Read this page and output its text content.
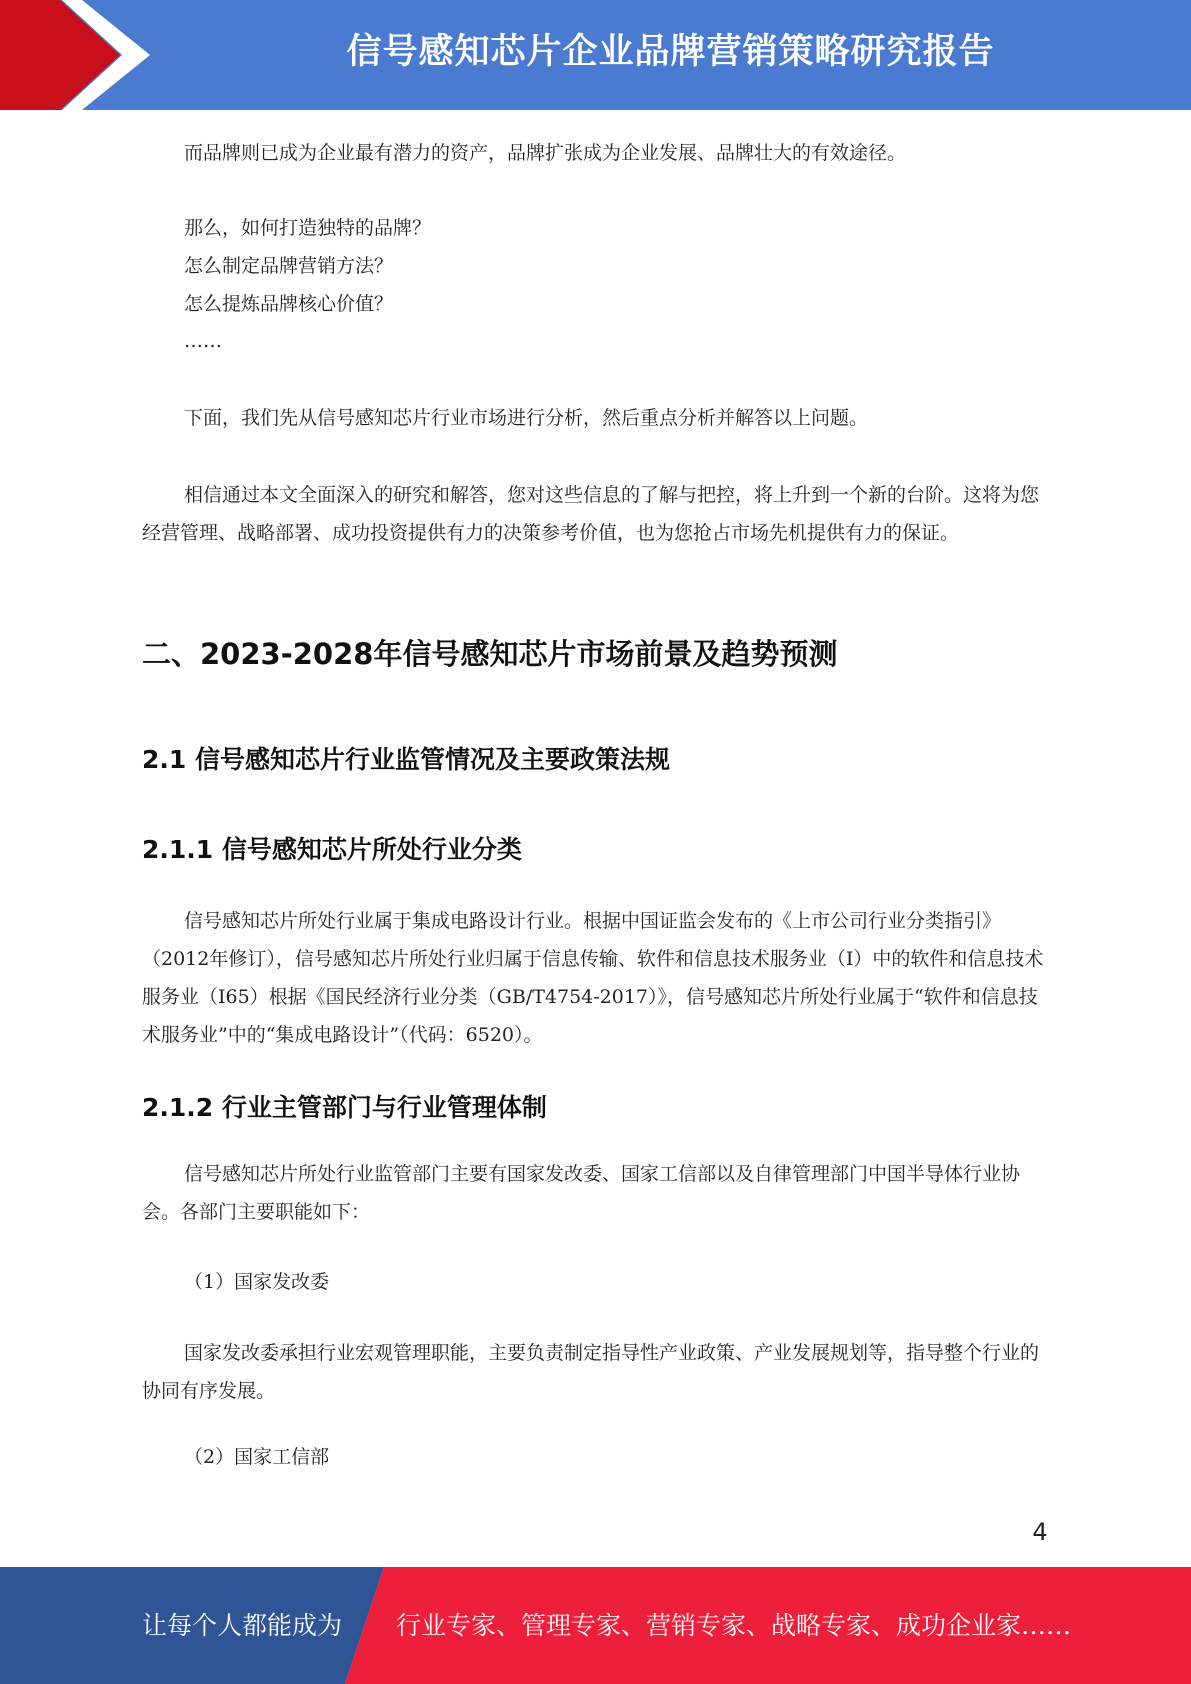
信号感知芯片企业品牌营销策略研究报告

而品牌则已成为企业最有潜力的资产，品牌扩张成为企业发展、品牌壮大的有效途径。

那么，如何打造独特的品牌？

怎么制定品牌营销方法？

怎么提炼品牌核心价值？

……

下面，我们先从信号感知芯片行业市场进行分析，然后重点分析并解答以上问题。

相信通过本文全面深入的研究和解答，您对这些信息的了解与把控，将上升到一个新的台阶。这将为您经营管理、战略部署、成功投资提供有力的决策参考价值，也为您抢占市场先机提供有力的保证。

二、2023-2028年信号感知芯片市场前景及趋势预测
2.1 信号感知芯片行业监管情况及主要政策法规
2.1.1 信号感知芯片所处行业分类

信号感知芯片所处行业属于集成电路设计行业。根据中国证监会发布的《上市公司行业分类指引》（2012年修订），信号感知芯片所处行业归属于信息传输、软件和信息技术服务业（I）中的软件和信息技术服务业（I65）根据《国民经济行业分类（GB/T4754-2017）》，信号感知芯片所处行业属于“软件和信息技术服务业”中的“集成电路设计”（代码：6520）。

2.1.2 行业主管部门与行业管理体制

信号感知芯片所处行业监管部门主要有国家发改委、国家工信部以及自律管理部门中国半导体行业协会。各部门主要职能如下：

（1）国家发改委

国家发改委承担行业宏观管理职能，主要负责制定指导性产业政策、产业发展规划等，指导整个行业的协同有序发展。

（2）国家工信部

4
让每个人都能成为 行业专家、管理专家、营销专家、战略专家、成功企业家……
